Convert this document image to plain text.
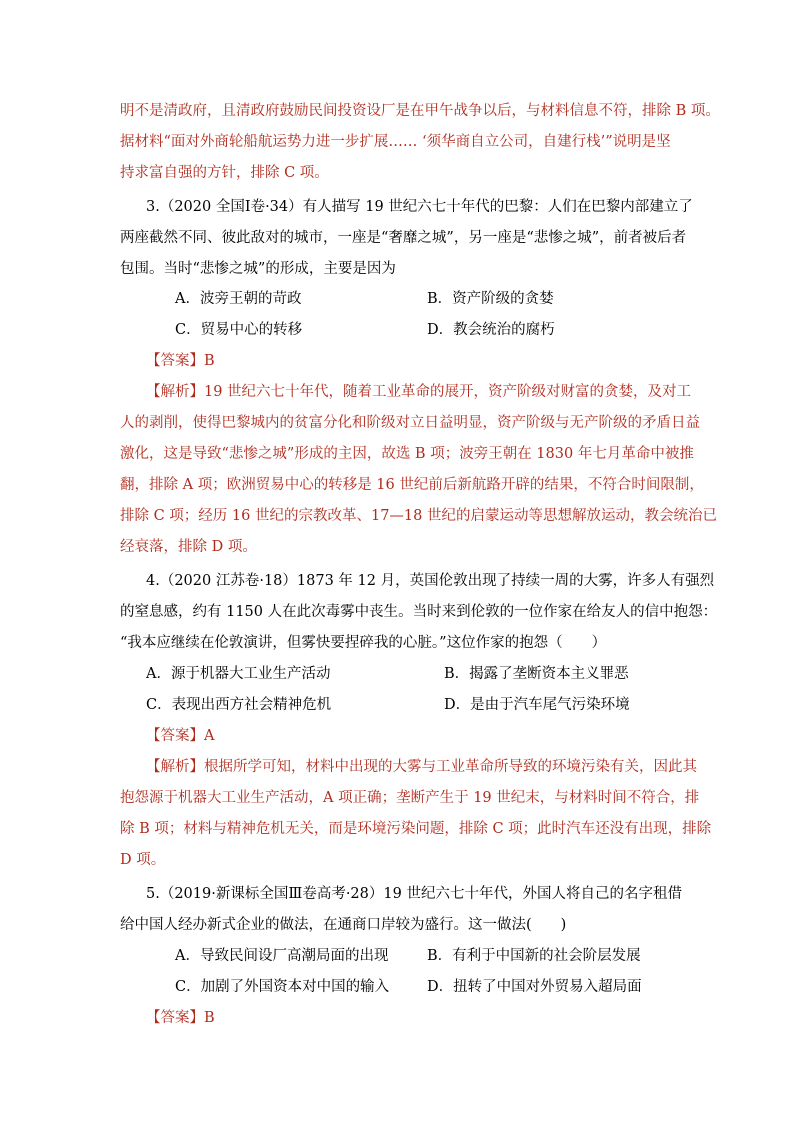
明不是清政府，且清政府鼓励民间投资设厂是在甲午战争以后，与材料信息不符，排除 B 项。
据材料“面对外商轮船航运势力进一步扩展…… ‘须华商自立公司，自建行栈’”说明是坚
持求富自强的方针，排除 C 项。
3.（2020 全国Ⅰ卷·34）有人描写 19 世纪六七十年代的巴黎：人们在巴黎内部建立了
两座截然不同、彼此敌对的城市，一座是“奢靡之城”，另一座是“悲惨之城”，前者被后者
包围。当时“悲惨之城”的形成，主要是因为
A．波旁王朝的苛政	B．资产阶级的贪婪
C．贸易中心的转移	D．教会统治的腐朽
【答案】B
【解析】19 世纪六七十年代，随着工业革命的展开，资产阶级对财富的贪婪，及对工
人的剥削，使得巴黎城内的贫富分化和阶级对立日益明显，资产阶级与无产阶级的矛盾日益
激化，这是导致“悲惨之城”形成的主因，故选 B 项；波旁王朝在 1830 年七月革命中被推
翻，排除 A 项；欧洲贸易中心的转移是 16 世纪前后新航路开辟的结果，不符合时间限制，
排除 C 项；经历 16 世纪的宗教改革、17—18 世纪的启蒙运动等思想解放运动，教会统治已
经衰落，排除 D 项。
4.（2020 江苏卷·18）1873 年 12 月，英国伦敦出现了持续一周的大雾，许多人有强烈
的窒息感，约有 1150 人在此次毒雾中丧生。当时来到伦敦的一位作家在给友人的信中抱怨：
“我本应继续在伦敦演讲，但雾快要捏碎我的心脏。”这位作家的抱怨（　　）
A．源于机器大工业生产活动	B．揭露了垄断资本主义罪恶
C．表现出西方社会精神危机	D．是由于汽车尾气污染环境
【答案】A
【解析】根据所学可知，材料中出现的大雾与工业革命所导致的环境污染有关，因此其
抱怨源于机器大工业生产活动，A 项正确；垄断产生于 19 世纪末，与材料时间不符合，排
除 B 项；材料与精神危机无关，而是环境污染问题，排除 C 项；此时汽车还没有出现，排除
D 项。
5.（2019·新课标全国Ⅲ卷高考·28）19 世纪六七十年代，外国人将自己的名字租借
给中国人经办新式企业的做法，在通商口岸较为盛行。这一做法(　　)
A．导致民间设厂高潮局面的出现	B．有利于中国新的社会阶层发展
C．加剧了外国资本对中国的输入	D．扭转了中国对外贸易入超局面
【答案】B
